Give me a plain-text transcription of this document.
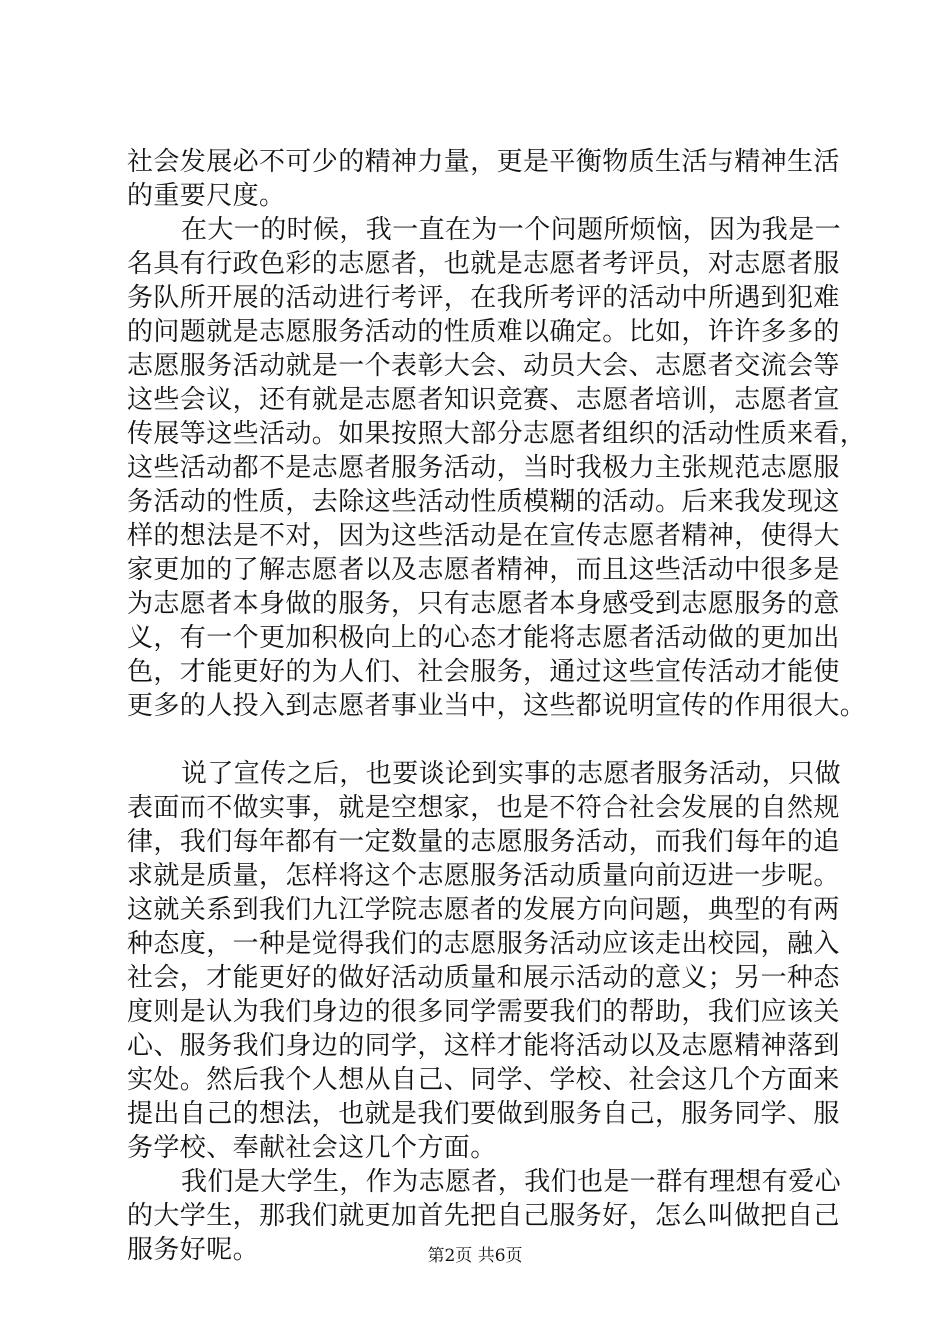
社会发展必不可少的精神力量，更是平衡物质生活与精神生活
的重要尺度。
在大一的时候，我一直在为一个问题所烦恼，因为我是一
名具有行政色彩的志愿者，也就是志愿者考评员，对志愿者服
务队所开展的活动进行考评，在我所考评的活动中所遇到犯难
的问题就是志愿服务活动的性质难以确定。比如，许许多多的
志愿服务活动就是一个表彰大会、动员大会、志愿者交流会等
这些会议，还有就是志愿者知识竞赛、志愿者培训，志愿者宣
传展等这些活动。如果按照大部分志愿者组织的活动性质来看，
这些活动都不是志愿者服务活动，当时我极力主张规范志愿服
务活动的性质，去除这些活动性质模糊的活动。后来我发现这
样的想法是不对，因为这些活动是在宣传志愿者精神，使得大
家更加的了解志愿者以及志愿者精神，而且这些活动中很多是
为志愿者本身做的服务，只有志愿者本身感受到志愿服务的意
义，有一个更加积极向上的心态才能将志愿者活动做的更加出
色，才能更好的为人们、社会服务，通过这些宣传活动才能使
更多的人投入到志愿者事业当中，这些都说明宣传的作用很大。
说了宣传之后，也要谈论到实事的志愿者服务活动，只做
表面而不做实事，就是空想家，也是不符合社会发展的自然规
律，我们每年都有一定数量的志愿服务活动，而我们每年的追
求就是质量，怎样将这个志愿服务活动质量向前迈进一步呢。
这就关系到我们九江学院志愿者的发展方向问题，典型的有两
种态度，一种是觉得我们的志愿服务活动应该走出校园，融入
社会，才能更好的做好活动质量和展示活动的意义；另一种态
度则是认为我们身边的很多同学需要我们的帮助，我们应该关
心、服务我们身边的同学，这样才能将活动以及志愿精神落到
实处。然后我个人想从自己、同学、学校、社会这几个方面来
提出自己的想法，也就是我们要做到服务自己，服务同学、服
务学校、奉献社会这几个方面。
我们是大学生，作为志愿者，我们也是一群有理想有爱心
的大学生，那我们就更加首先把自己服务好，怎么叫做把自己
服务好呢。	第2页 共6页
